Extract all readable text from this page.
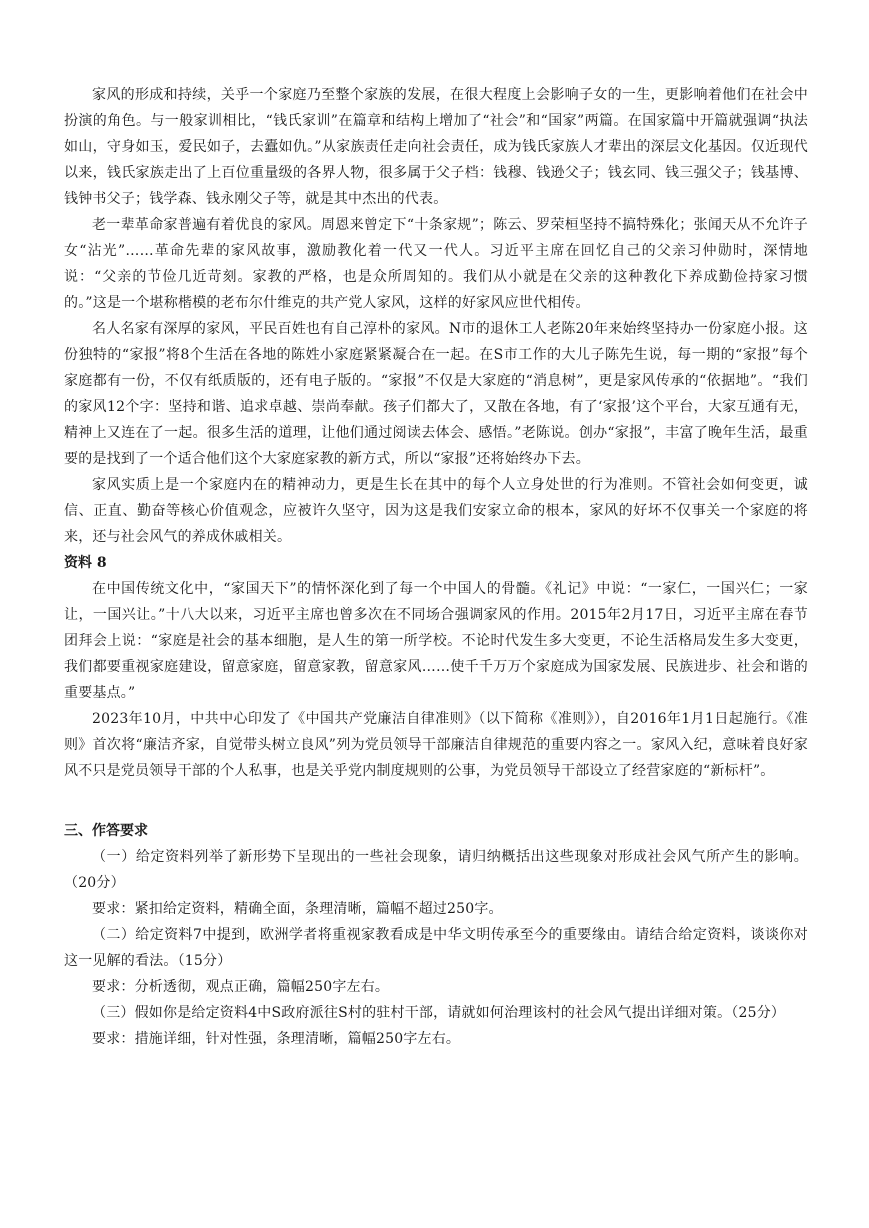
家风的形成和持续，关乎一个家庭乃至整个家族的发展，在很大程度上会影响子女的一生，更影响着他们在社会中扮演的角色。与一般家训相比，“钱氏家训”在篇章和结构上增加了“社会”和“国家”两篇。在国家篇中开篇就强调“执法如山，守身如玉，爱民如子，去蠹如仇。”从家族责任走向社会责任，成为钱氏家族人才辈出的深层文化基因。仅近现代以来，钱氏家族走出了上百位重量级的各界人物，很多属于父子档：钱穆、钱逊父子；钱玄同、钱三强父子；钱基博、钱钟书父子；钱学森、钱永刚父子等，就是其中杰出的代表。

老一辈革命家普遍有着优良的家风。周恩来曾定下“十条家规”；陈云、罗荣桓坚持不搞特殊化；张闻天从不允许子女“沾光”……革命先辈的家风故事，激励教化着一代又一代人。习近平主席在回忆自己的父亲习仲勋时，深情地说：“父亲的节俭几近苛刻。家教的严格，也是众所周知的。我们从小就是在父亲的这种教化下养成勤俭持家习惯的。”这是一个堪称楷模的老布尔什维克的共产党人家风，这样的好家风应世代相传。

名人名家有深厚的家风，平民百姓也有自己淳朴的家风。N市的退休工人老陈20年来始终坚持办一份家庭小报。这份独特的“家报”将8个生活在各地的陈姓小家庭紧紧凝合在一起。在S市工作的大儿子陈先生说，每一期的“家报”每个家庭都有一份，不仅有纸质版的，还有电子版的。“家报”不仅是大家庭的“消息树”，更是家风传承的“依据地”。“我们的家风12个字：坚持和谐、追求卓越、崇尚奉献。孩子们都大了，又散在各地，有了‘家报’这个平台，大家互通有无，精神上又连在了一起。很多生活的道理，让他们通过阅读去体会、感悟。”老陈说。创办“家报”，丰富了晚年生活，最重要的是找到了一个适合他们这个大家庭家教的新方式，所以“家报”还将始终办下去。

家风实质上是一个家庭内在的精神动力，更是生长在其中的每个人立身处世的行为准则。不管社会如何变更，诚信、正直、勤奋等核心价值观念，应被许久坚守，因为这是我们安家立命的根本，家风的好坏不仅事关一个家庭的将来，还与社会风气的养成休戚相关。

资料 8

在中国传统文化中，“家国天下”的情怀深化到了每一个中国人的骨髓。《礼记》中说：“一家仁，一国兴仁；一家让，一国兴让。”十八大以来，习近平主席也曾多次在不同场合强调家风的作用。2015年2月17日，习近平主席在春节团拜会上说：“家庭是社会的基本细胞，是人生的第一所学校。不论时代发生多大变更，不论生活格局发生多大变更，我们都要重视家庭建设，留意家庭，留意家教，留意家风……使千千万万个家庭成为国家发展、民族进步、社会和谐的重要基点。”

2023年10月，中共中心印发了《中国共产党廉洁自律准则》（以下简称《准则》），自2016年1月1日起施行。《准则》首次将“廉洁齐家，自觉带头树立良风”列为党员领导干部廉洁自律规范的重要内容之一。家风入纪，意味着良好家风不只是党员领导干部的个人私事，也是关乎党内制度规则的公事，为党员领导干部设立了经营家庭的“新标杆”。

三、作答要求

（一）给定资料列举了新形势下呈现出的一些社会现象，请归纳概括出这些现象对形成社会风气所产生的影响。（20分）

要求：紧扣给定资料，精确全面，条理清晰，篇幅不超过250字。

（二）给定资料7中提到，欧洲学者将重视家教看成是中华文明传承至今的重要缘由。请结合给定资料，谈谈你对这一见解的看法。（15分）

要求：分析透彻，观点正确，篇幅250字左右。

（三）假如你是给定资料4中S政府派往S村的驻村干部，请就如何治理该村的社会风气提出详细对策。（25分）

要求：措施详细，针对性强，条理清晰，篇幅250字左右。
